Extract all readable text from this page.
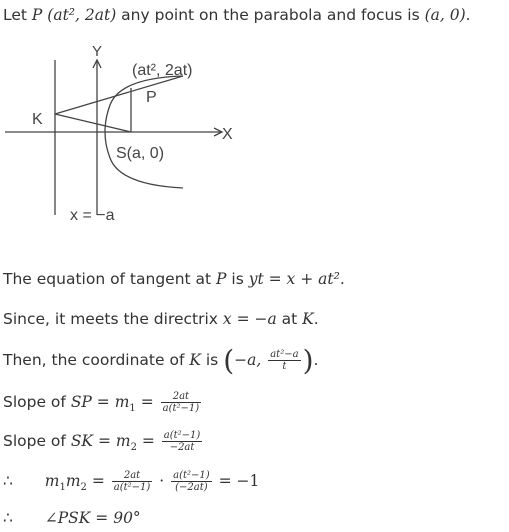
Let P (at², 2at) any point on the parabola and focus is (a, 0).
Y
X
(at², 2at)
P
K
S(a, 0)
x = −a
The equation of tangent at P is yt = x + at².
Since, it meets the directrix x = −a at K.
Then, the coordinate of K is (−a, $\frac{\text{at²−a}}{t}$ ).
Slope of SP = $m_1 = \frac{2at}{\text{a(t²−1)}}$
Slope of SK = $m_2 = \frac{\text{a(t²−1)}}{-2at}$
∴ $m_1m_2 = \frac{2at}{\text{a(t²−1)}} \cdot \frac{\text{a(t²−1)}}{(-2at)} = -1$
∴ ∠PSK = 90°
